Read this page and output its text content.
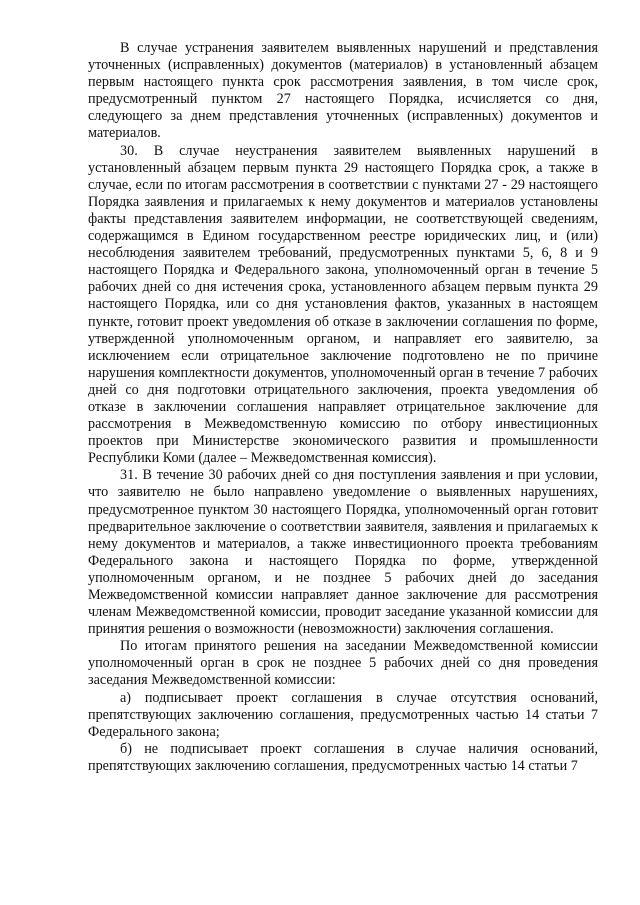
В случае устранения заявителем выявленных нарушений и представления уточненных (исправленных) документов (материалов) в установленный абзацем первым настоящего пункта срок рассмотрения заявления, в том числе срок, предусмотренный пунктом 27 настоящего Порядка, исчисляется со дня, следующего за днем представления уточненных (исправленных) документов и материалов.

30. В случае неустранения заявителем выявленных нарушений в установленный абзацем первым пункта 29 настоящего Порядка срок, а также в случае, если по итогам рассмотрения в соответствии с пунктами 27 - 29 настоящего Порядка заявления и прилагаемых к нему документов и материалов установлены факты представления заявителем информации, не соответствующей сведениям, содержащимся в Едином государственном реестре юридических лиц, и (или) несоблюдения заявителем требований, предусмотренных пунктами 5, 6, 8 и 9 настоящего Порядка и Федерального закона, уполномоченный орган в течение 5 рабочих дней со дня истечения срока, установленного абзацем первым пункта 29 настоящего Порядка, или со дня установления фактов, указанных в настоящем пункте, готовит проект уведомления об отказе в заключении соглашения по форме, утвержденной уполномоченным органом, и направляет его заявителю, за исключением если отрицательное заключение подготовлено не по причине нарушения комплектности документов, уполномоченный орган в течение 7 рабочих дней со дня подготовки отрицательного заключения, проекта уведомления об отказе в заключении соглашения направляет отрицательное заключение для рассмотрения в Межведомственную комиссию по отбору инвестиционных проектов при Министерстве экономического развития и промышленности Республики Коми (далее – Межведомственная комиссия).

31. В течение 30 рабочих дней со дня поступления заявления и при условии, что заявителю не было направлено уведомление о выявленных нарушениях, предусмотренное пунктом 30 настоящего Порядка, уполномоченный орган готовит предварительное заключение о соответствии заявителя, заявления и прилагаемых к нему документов и материалов, а также инвестиционного проекта требованиям Федерального закона и настоящего Порядка по форме, утвержденной уполномоченным органом, и не позднее 5 рабочих дней до заседания Межведомственной комиссии направляет данное заключение для рассмотрения членам Межведомственной комиссии, проводит заседание указанной комиссии для принятия решения о возможности (невозможности) заключения соглашения.

По итогам принятого решения на заседании Межведомственной комиссии уполномоченный орган в срок не позднее 5 рабочих дней со дня проведения заседания Межведомственной комиссии:

а) подписывает проект соглашения в случае отсутствия оснований, препятствующих заключению соглашения, предусмотренных частью 14 статьи 7 Федерального закона;

б) не подписывает проект соглашения в случае наличия оснований, препятствующих заключению соглашения, предусмотренных частью 14 статьи 7
